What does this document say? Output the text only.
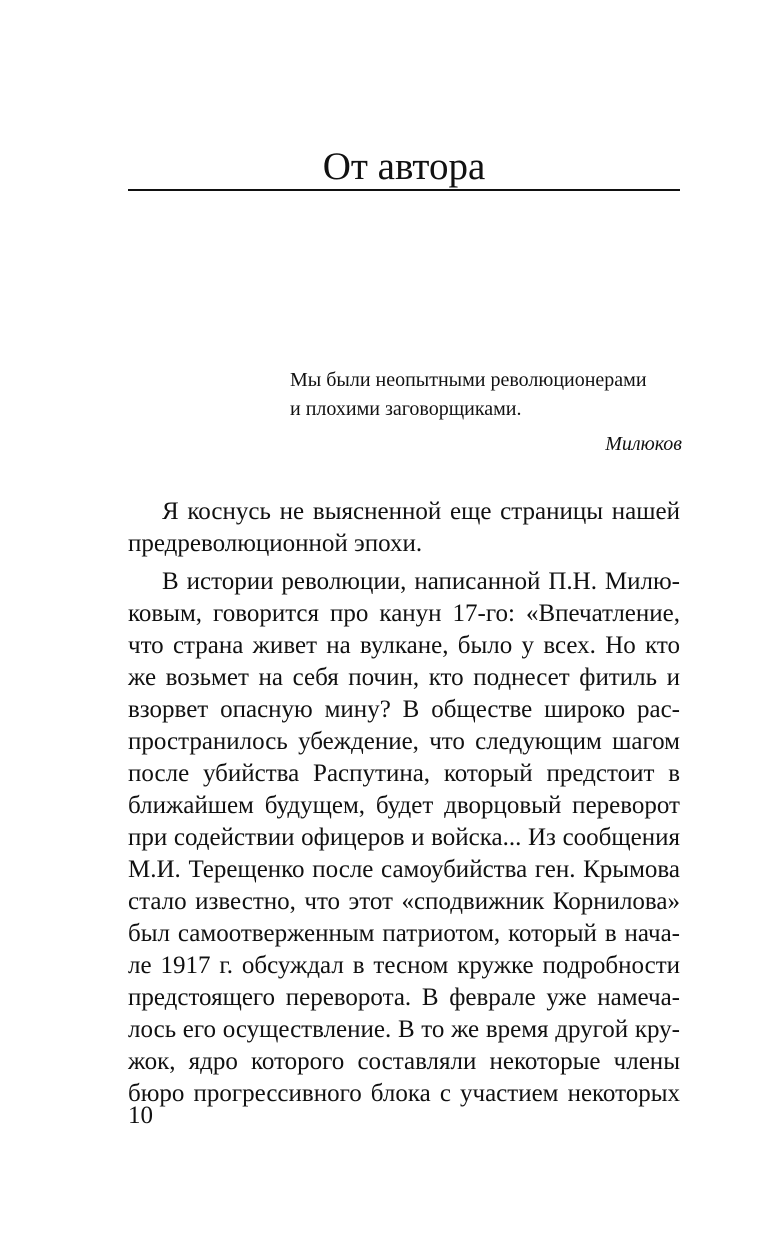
От автора
Мы были неопытными революционерами
и плохими заговорщиками.
Милюков

Я коснусь не выясненной еще страницы нашей
предреволюционной эпохи.

В истории революции, написанной П.Н. Милю-
ковым, говорится про канун 17-го: «Впечатление,
что страна живет на вулкане, было у всех. Но кто
же возьмет на себя почин, кто поднесет фитиль и
взорвет опасную мину? В обществе широко рас-
пространилось убеждение, что следующим шагом
после убийства Распутина, который предстоит в
ближайшем будущем, будет дворцовый переворот
при содействии офицеров и войска... Из сообщения
М.И. Терещенко после самоубийства ген. Крымова
стало известно, что этот «сподвижник Корнилова»
был самоотверженным патриотом, который в нача-
ле 1917 г. обсуждал в тесном кружке подробности
предстоящего переворота. В феврале уже намеча-
лось его осуществление. В то же время другой кру-
жок, ядро которого составляли некоторые члены
бюро прогрессивного блока с участием некоторых

10
